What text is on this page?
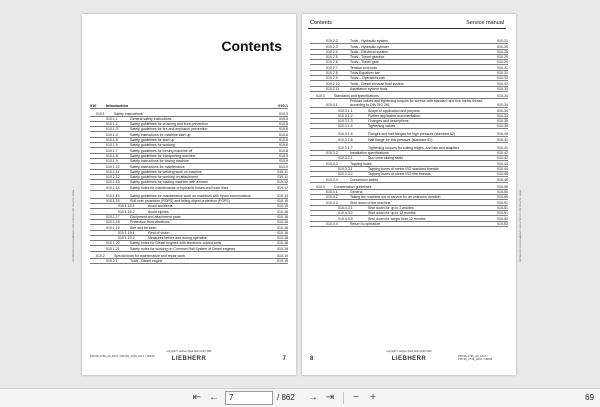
Contents
010	Introduction	010-1
010.1	Safety instructions	010-3
010.1.1	General safety instructions	010-4
010.1.2	Safety guidelines for crushing and burn prevention	010-5
010.1.3	Safety guidelines for fire and explosion prevention	010-5
010.1.4	Safety instructions for machine start up	010-6
010.1.5	Safety guidelines for start up	010-6
010.1.6	Safety guidelines for working	010-6
010.1.7	Safety guidelines for turning machine off	010-8
010.1.8	Safety guidelines for transporting machine	010-9
010.1.9	Safety instructions for towing machine	010-9
010.1.10	Safety instructions for maintenance	010-9
010.1.11	Safety guidelines for welding work on machine	010-11
010.1.12	Safety guidelines for working on attachment	010-11
010.1.13	Safety guidelines for loading machine with a crane	010-12
010.1.14	Safety notes for maintenance of hydraulic hoses and hose lines	010-12
010.1.15	Safety guidelines for maintenance work on machines with hydro accumulators	010-13
010.1.16	Roll over protection (ROPS) and falling object protection (FOPS)	010-15
010.1.16.1	Avoid accidents	010-15
010.1.16.2	Avoid injuries	010-16
010.1.17	Equipment and attachment parts	010-16
010.1.18	Protection from vibrations	010-16
010.1.19	See and be seen	010-16
010.1.19.1	Field of vision	010-16
010.1.19.2	Measures before and during operation	010-18
010.1.20	Safety notes for Diesel engines with electronic control units	010-18
010.1.21	Safety notes for working on Common Rail System of Diesel engines	010-18
010.2	Special tools for maintenance and repair work	010-19
010.2.1	Tools - Diesel engine	010-19
PR726-1736_40_G6.0 / PR736_1736_G6.0 / 18634
copyright © Liebherr-Werk Telfs GmbH 2022
LIEBHERR	7
LWT/DE/2020-01-15/01-A4/EN/0 / 0026-1736-G6.0 / PR 726-1736 / 18634
Contents	Service manual
010.2.2	Tools - Hydraulic system	010-21
010.2.3	Tools - Hydraulic cylinder	010-25
010.2.4	Tools - Electrical system	010-26
010.2.5	Tools - Travel gearbox	010-29
010.2.6	Tools - Travel gear	010-29
010.2.7	Tension unit tools	010-31
010.2.8	Tools Equalizer bar	010-31
010.2.9	Tools – Operator's cab	010-32
010.2.10	Tools - Diesel exhaust fluid system	010-32
010.2.11	Assistance system tools	010-33
010.3	Standards and specifications	010-34
010.3.1
Preload values and tightening torques for screws with standard and fine metric thread according to DIN ISO 261	010-34
010.3.1.1	Scope of application and purpose	010-34
010.3.1.2	Further applicable documentation	010-34
010.3.1.3	Changes and descriptions	010-35
010.3.1.4	Tightening values	010-35
010.3.1.5	Flanges and half flanges for high pressure (standard 62)	010-40
010.3.1.6	Half flange for low pressure (standard 61)	010-41
010.3.1.7	Tightening torques for cutting edges, and bits and adapters	010-41
010.3.2	Installation specifications	010-42
010.3.2.1	Duo cone sliding seals	010-42
010.3.3	Tapping holes	010-44
010.3.3.1	Tapping bores of metric ISO standard threads	010-44
010.3.3.2	Tapping bores of metric ISO fine threads	010-45
010.3.4	Conversion tables	010-49
010.4	Conservation guidelines	010-50
010.4.1	General	010-50
010.4.2	Taking the machine out of service for an unknown duration	010-50
010.4.3	Shut down of the machine	010-51
010.4.3.1	Shut down for up to 2 months	010-51
010.4.3.2	Shut down for up to 12 months	010-51
010.4.3.3	Shut down for longer than 12 months	010-52
010.4.4	Return to operation	010-53
8
copyright © Liebherr-Werk Telfs GmbH 2022
LIEBHERR	PR726-1736_40_G6.0 / PR736_1736_G6.0 / 18634
LWT/DE/2020-01-15/01-A4/EN/0 / 0026-1736-G6.0 / PR 736-1736 / 18634
⇤ ←	7	/ 862 → ⇥	−	+	69
